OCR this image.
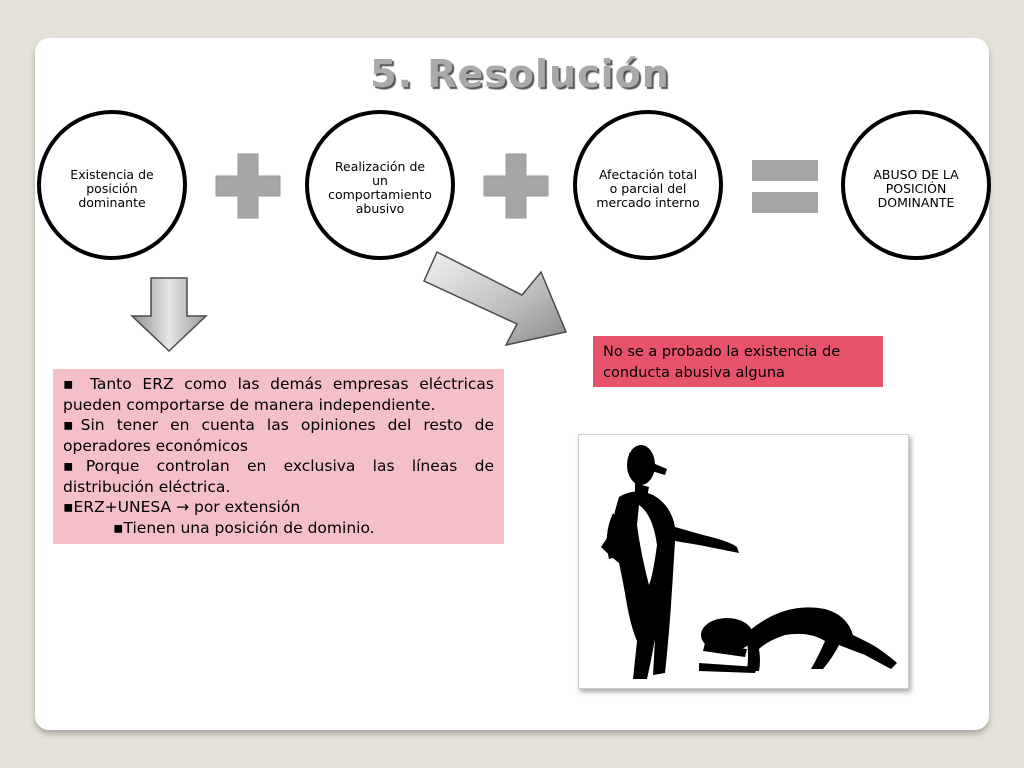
5. Resolución
Existencia de
posición
dominante
Realización de
un
comportamiento
abusivo
Afectación total
o parcial del
mercado interno
ABUSO DE LA
POSICIÓN
DOMINANTE
No se a probado la existencia de conducta abusiva alguna

▪ Tanto ERZ como las demás empresas eléctricas pueden comportarse de manera independiente.

▪Sin tener en cuenta las opiniones del resto de operadores económicos

▪Porque controlan en exclusiva las líneas de distribución eléctrica.

▪ERZ+UNESA → por extensión

▪Tienen una posición de dominio.
